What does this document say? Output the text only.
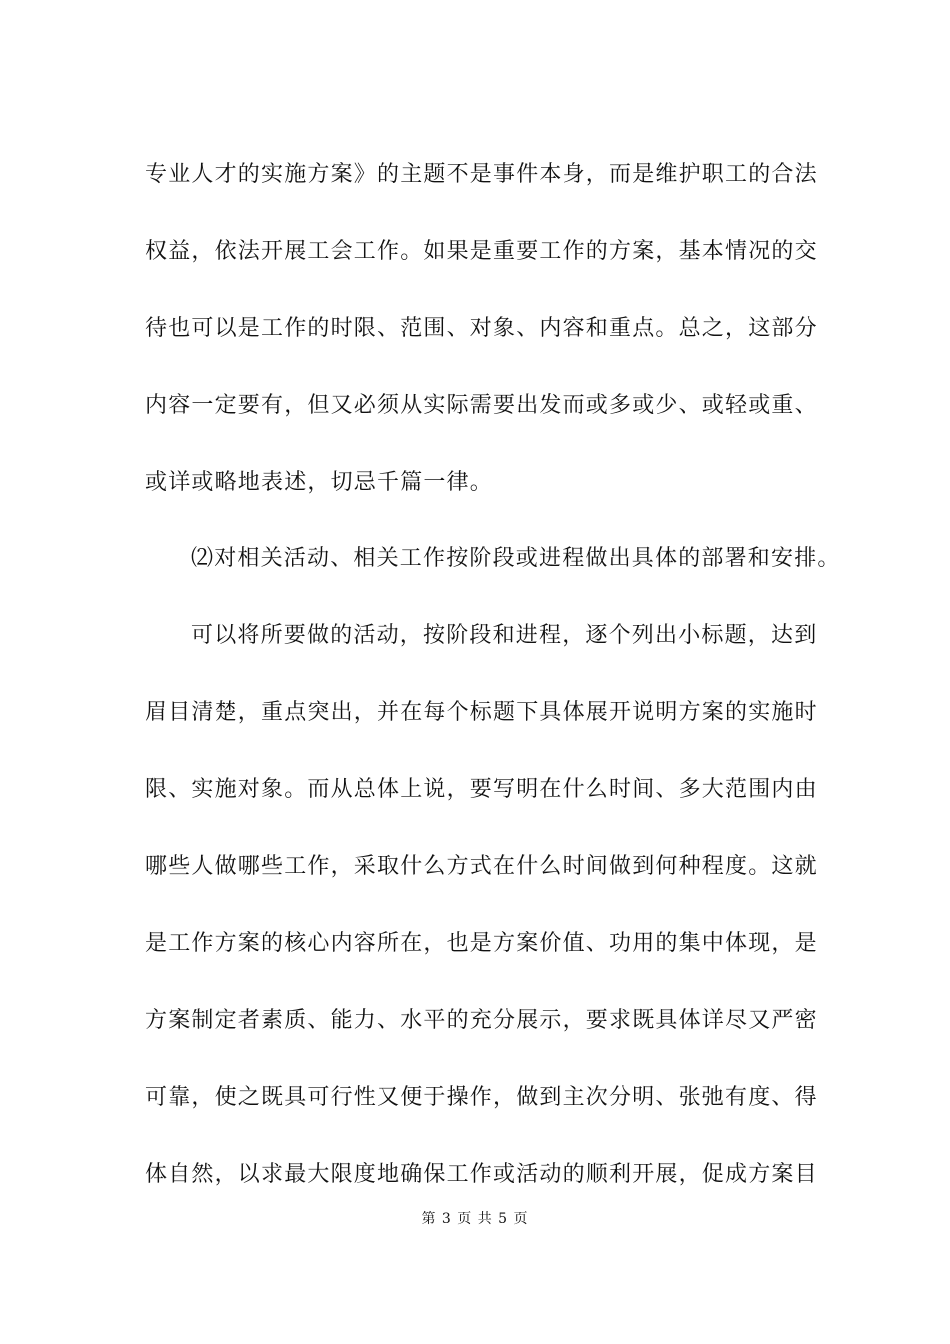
专业人才的实施方案》的主题不是事件本身，而是维护职工的合法
权益，依法开展工会工作。如果是重要工作的方案，基本情况的交
待也可以是工作的时限、范围、对象、内容和重点。总之，这部分
内容一定要有，但又必须从实际需要出发而或多或少、或轻或重、
或详或略地表述，切忌千篇一律。
⑵对相关活动、相关工作按阶段或进程做出具体的部署和安排。
可以将所要做的活动，按阶段和进程，逐个列出小标题，达到
眉目清楚，重点突出，并在每个标题下具体展开说明方案的实施时
限、实施对象。而从总体上说，要写明在什么时间、多大范围内由
哪些人做哪些工作，采取什么方式在什么时间做到何种程度。这就
是工作方案的核心内容所在，也是方案价值、功用的集中体现，是
方案制定者素质、能力、水平的充分展示，要求既具体详尽又严密
可靠，使之既具可行性又便于操作，做到主次分明、张弛有度、得
体自然，以求最大限度地确保工作或活动的顺利开展，促成方案目
第 3 页 共 5 页
